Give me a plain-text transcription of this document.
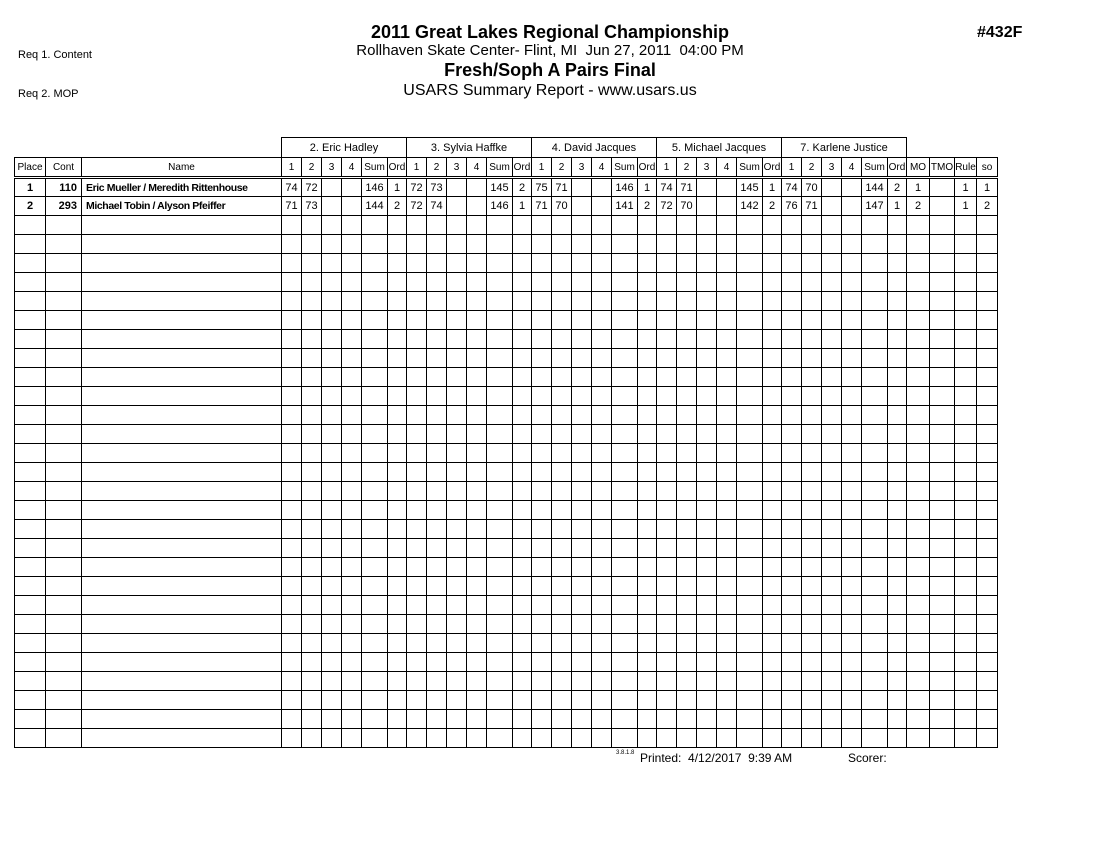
Req 1. Content

Req 2. MOP

2011 Great Lakes Regional Championship
Rollhaven Skate Center- Flint, MI  Jun 27, 2011  04:00 PM
Fresh/Soph A Pairs Final
USARS Summary Report - www.usars.us
#432F
			2. Eric Hadley						3. Sylvia Haffke						4. David Jacques						5. Michael Jacques						7. Karlene Justice									
Place	Cont	Name	1	2	3	4	Sum	Ord	1	2	3	4	Sum	Ord	1	2	3	4	Sum	Ord	1	2	3	4	Sum	Ord	1	2	3	4	Sum	Ord	MO	TMO	Rule	so
1	110	Eric Mueller / Meredith Rittenhouse	74	72			146	1	72	73			145	2	75	71			146	1	74	71			145	1	74	70			144	2	1		1	1
2	293	Michael Tobin / Alyson Pfeiffer	71	73			144	2	72	74			146	1	71	70			141	2	72	70			142	2	76	71			147	1	2		1	2

3.8.1.8 Printed:  4/12/2017  9:39 AM	Scorer:
